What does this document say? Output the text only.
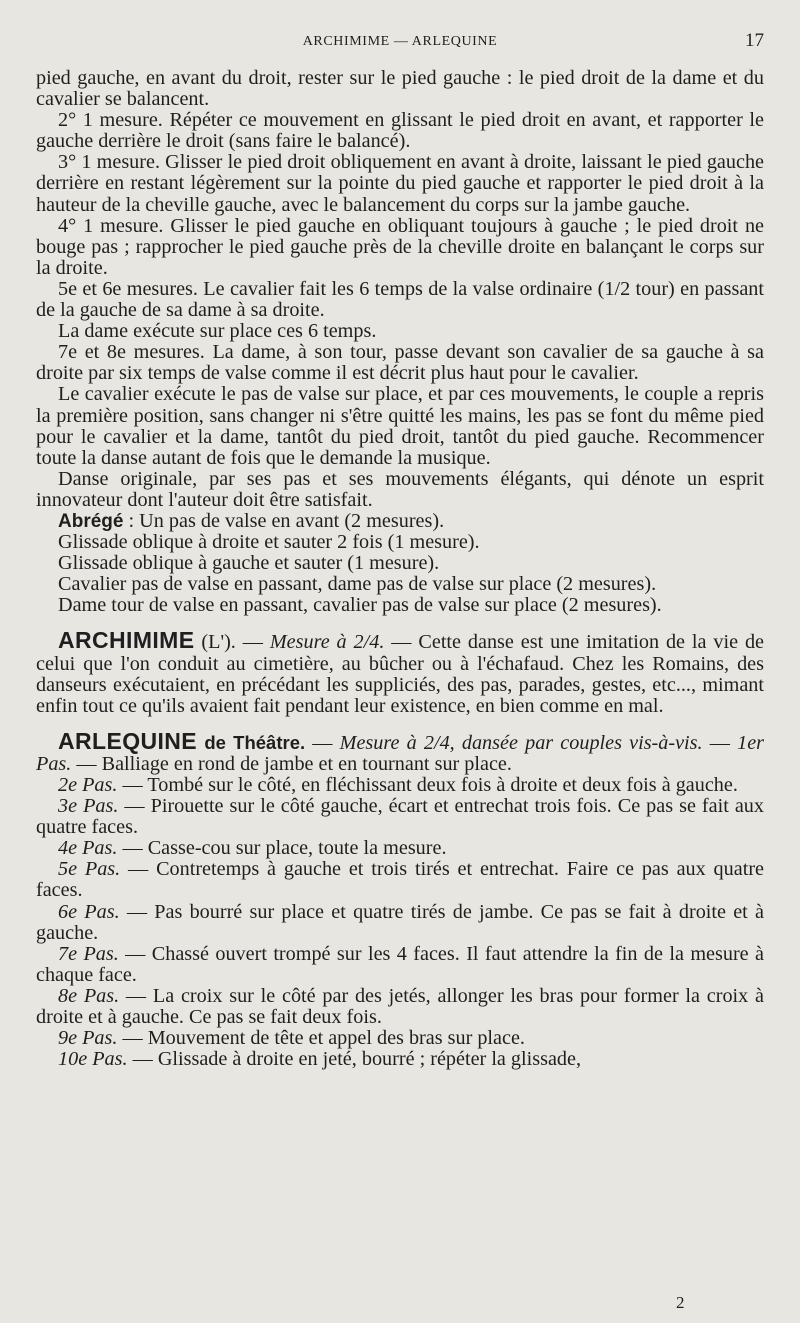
ARCHIMIME — ARLEQUINE	17

pied gauche, en avant du droit, rester sur le pied gauche : le pied droit de la dame et du cavalier se balancent.

2° 1 mesure. Répéter ce mouvement en glissant le pied droit en avant, et rapporter le gauche derrière le droit (sans faire le balancé).

3° 1 mesure. Glisser le pied droit obliquement en avant à droite, laissant le pied gauche derrière en restant légèrement sur la pointe du pied gauche et rapporter le pied droit à la hauteur de la cheville gauche, avec le balancement du corps sur la jambe gauche.

4° 1 mesure. Glisser le pied gauche en obliquant toujours à gauche ; le pied droit ne bouge pas ; rapprocher le pied gauche près de la cheville droite en balançant le corps sur la droite.

5e et 6e mesures. Le cavalier fait les 6 temps de la valse ordinaire (1/2 tour) en passant de la gauche de sa dame à sa droite.

La dame exécute sur place ces 6 temps.

7e et 8e mesures. La dame, à son tour, passe devant son cavalier de sa gauche à sa droite par six temps de valse comme il est décrit plus haut pour le cavalier.

Le cavalier exécute le pas de valse sur place, et par ces mouvements, le couple a repris la première position, sans changer ni s'être quitté les mains, les pas se font du même pied pour le cavalier et la dame, tantôt du pied droit, tantôt du pied gauche. Recommencer toute la danse autant de fois que le demande la musique.

Danse originale, par ses pas et ses mouvements élégants, qui dénote un esprit innovateur dont l'auteur doit être satisfait.

Abrégé : Un pas de valse en avant (2 mesures).

Glissade oblique à droite et sauter 2 fois (1 mesure).

Glissade oblique à gauche et sauter (1 mesure).

Cavalier pas de valse en passant, dame pas de valse sur place (2 mesures).

Dame tour de valse en passant, cavalier pas de valse sur place (2 mesures).

ARCHIMIME (L'). — Mesure à 2/4. — Cette danse est une imitation de la vie de celui que l'on conduit au cimetière, au bûcher ou à l'échafaud. Chez les Romains, des danseurs exécutaient, en précédant les suppliciés, des pas, parades, gestes, etc..., mimant enfin tout ce qu'ils avaient fait pendant leur existence, en bien comme en mal.

ARLEQUINE de Théâtre. — Mesure à 2/4, dansée par couples vis-à-vis. — 1er Pas. — Balliage en rond de jambe et en tournant sur place.

2e Pas. — Tombé sur le côté, en fléchissant deux fois à droite et deux fois à gauche.

3e Pas. — Pirouette sur le côté gauche, écart et entrechat trois fois. Ce pas se fait aux quatre faces.

4e Pas. — Casse-cou sur place, toute la mesure.

5e Pas. — Contretemps à gauche et trois tirés et entrechat. Faire ce pas aux quatre faces.

6e Pas. — Pas bourré sur place et quatre tirés de jambe. Ce pas se fait à droite et à gauche.

7e Pas. — Chassé ouvert trompé sur les 4 faces. Il faut attendre la fin de la mesure à chaque face.

8e Pas. — La croix sur le côté par des jetés, allonger les bras pour former la croix à droite et à gauche. Ce pas se fait deux fois.

9e Pas. — Mouvement de tête et appel des bras sur place.

10e Pas. — Glissade à droite en jeté, bourré ; répéter la glissade,

2
